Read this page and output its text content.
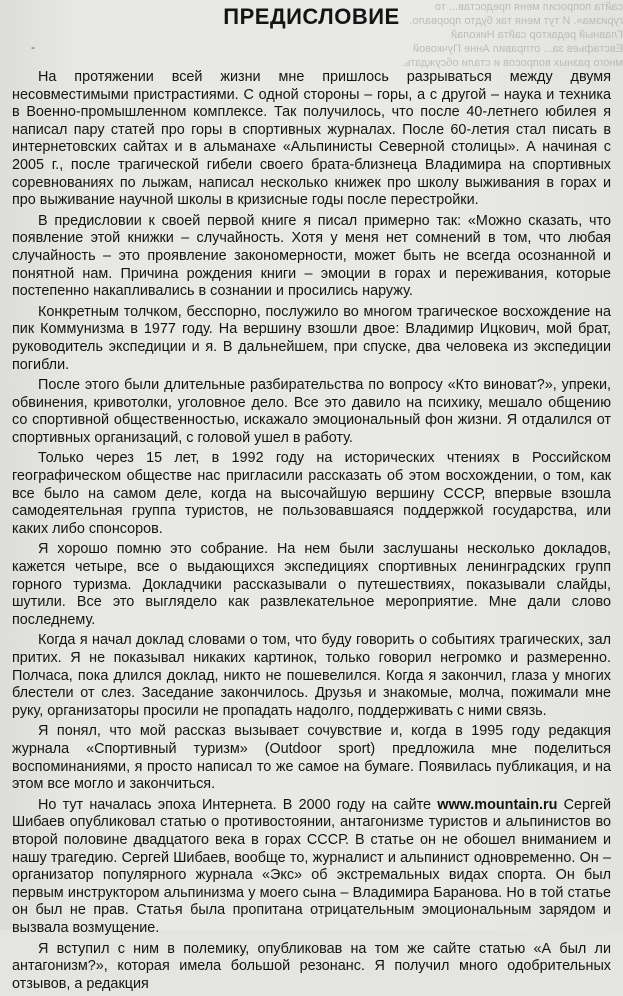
сайта попросил меня предостав... то гуризма». И тут меня так будто прорвало. Главный редактор сайта Николай Евстафьев за... отправил Анне Пучковой много разных вопросов и стали обсуждать.
ПРЕДИСЛОВИЕ
-

На протяжении всей жизни мне пришлось разрываться между двумя несовместимыми пристрастиями. С одной стороны – горы, а с другой – наука и техника в Военно-промышленном комплексе. Так получилось, что после 40-летнего юбилея я написал пару статей про горы в спортивных журналах. После 60-летия стал писать в интернетовских сайтах и в альманахе «Альпинисты Северной столицы». А начиная с 2005 г., после трагической гибели своего брата-близнеца Владимира на спортивных соревнованиях по лыжам, написал несколько книжек про школу выживания в горах и про выживание научной школы в кризисные годы после перестройки.

В предисловии к своей первой книге я писал примерно так: «Можно сказать, что появление этой книжки – случайность. Хотя у меня нет сомнений в том, что любая случайность – это проявление закономерности, может быть не всегда осознанной и понятной нам. Причина рождения книги – эмоции в горах и переживания, которые постепенно накапливались в сознании и просились наружу.

Конкретным толчком, бесспорно, послужило во многом трагическое восхождение на пик Коммунизма в 1977 году. На вершину взошли двое: Владимир Ицкович, мой брат, руководитель экспедиции и я. В дальнейшем, при спуске, два человека из экспедиции погибли.

После этого были длительные разбирательства по вопросу «Кто виноват?», упреки, обвинения, кривотолки, уголовное дело. Все это давило на психику, мешало общению со спортивной общественностью, искажало эмоциональный фон жизни. Я отдалился от спортивных организаций, с головой ушел в работу.

Только через 15 лет, в 1992 году на исторических чтениях в Российском географическом обществе нас пригласили рассказать об этом восхождении, о том, как все было на самом деле, когда на высочайшую вершину СССР, впервые взошла самодеятельная группа туристов, не пользовавшаяся поддержкой государства, или каких либо спонсоров.

Я хорошо помню это собрание. На нем были заслушаны несколько докладов, кажется четыре, все о выдающихся экспедициях спортивных ленинградских групп горного туризма. Докладчики рассказывали о путешествиях, показывали слайды, шутили. Все это выглядело как развлекательное мероприятие. Мне дали слово последнему.

Когда я начал доклад словами о том, что буду говорить о событиях трагических, зал притих. Я не показывал никаких картинок, только говорил негромко и размеренно. Полчаса, пока длился доклад, никто не пошевелился. Когда я закончил, глаза у многих блестели от слез. Заседание закончилось. Друзья и знакомые, молча, пожимали мне руку, организаторы просили не пропадать надолго, поддерживать с ними связь.

Я понял, что мой рассказ вызывает сочувствие и, когда в 1995 году редакция журнала «Спортивный туризм» (Outdoor sport) предложила мне поделиться воспоминаниями, я просто написал то же самое на бумаге. Появилась публикация, и на этом все могло и закончиться.

Но тут началась эпоха Интернета. В 2000 году на сайте www.mountain.ru Сергей Шибаев опубликовал статью о противостоянии, антагонизме туристов и альпинистов во второй половине двадцатого века в горах СССР. В статье он не обошел вниманием и нашу трагедию. Сергей Шибаев, вообще то, журналист и альпинист одновременно. Он – организатор популярного журнала «Экс» об экстремальных видах спорта. Он был первым инструктором альпинизма у моего сына – Владимира Баранова. Но в той статье он был не прав. Статья была пропитана отрицательным эмоциональным зарядом и вызвала возмущение.

Я вступил с ним в полемику, опубликовав на том же сайте статью «А был ли антагонизм?», которая имела большой резонанс. Я получил много одобрительных отзывов, а редакция
